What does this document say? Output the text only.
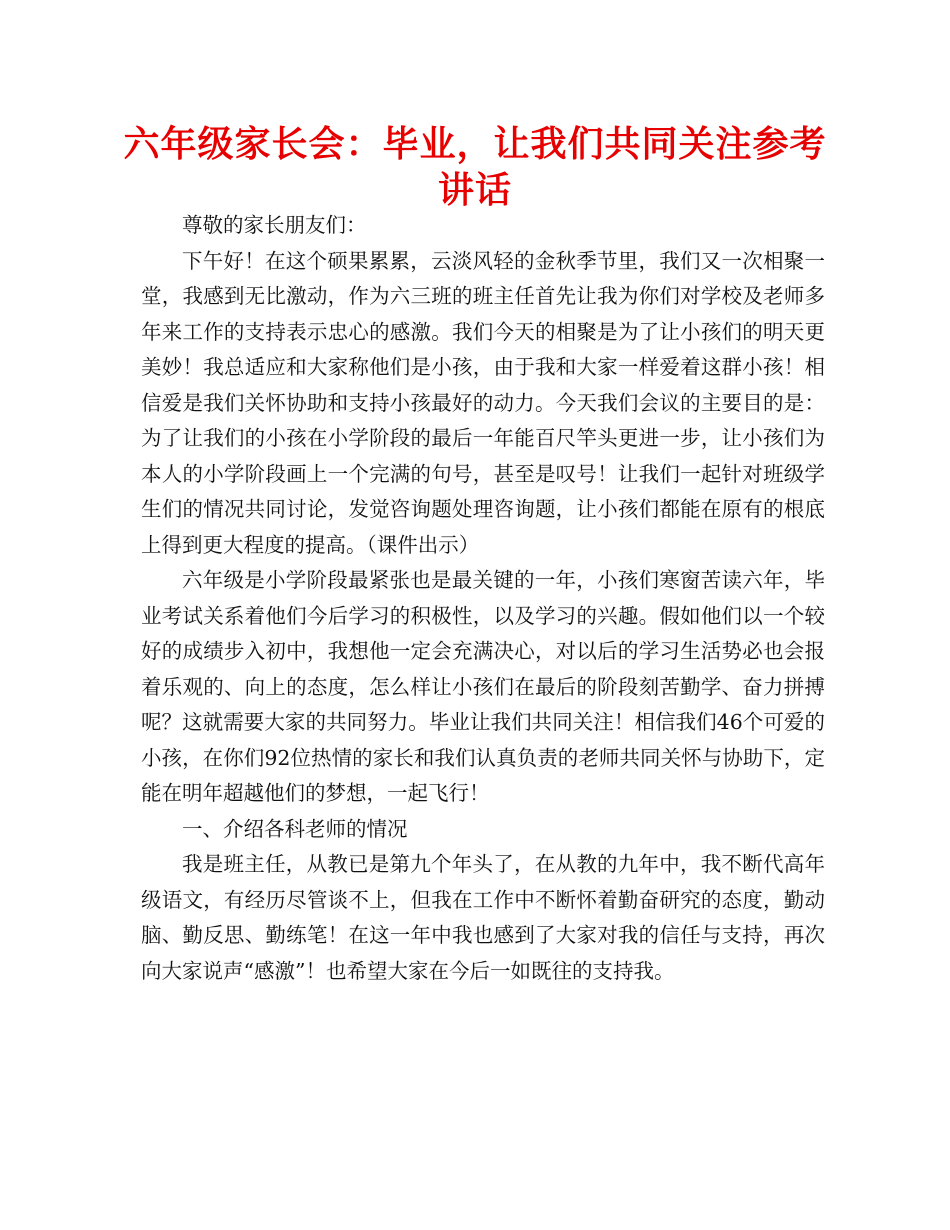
六年级家长会：毕业，让我们共同关注参考讲话

尊敬的家长朋友们：

下午好！在这个硕果累累，云淡风轻的金秋季节里，我们又一次相聚一堂，我感到无比激动，作为六三班的班主任首先让我为你们对学校及老师多年来工作的支持表示忠心的感激。我们今天的相聚是为了让小孩们的明天更美妙！我总适应和大家称他们是小孩，由于我和大家一样爱着这群小孩！相信爱是我们关怀协助和支持小孩最好的动力。今天我们会议的主要目的是：为了让我们的小孩在小学阶段的最后一年能百尺竿头更进一步，让小孩们为本人的小学阶段画上一个完满的句号，甚至是叹号！让我们一起针对班级学生们的情况共同讨论，发觉咨询题处理咨询题，让小孩们都能在原有的根底上得到更大程度的提高。（课件出示）

六年级是小学阶段最紧张也是最关键的一年，小孩们寒窗苦读六年，毕业考试关系着他们今后学习的积极性，以及学习的兴趣。假如他们以一个较好的成绩步入初中，我想他一定会充满决心，对以后的学习生活势必也会报着乐观的、向上的态度，怎么样让小孩们在最后的阶段刻苦勤学、奋力拼搏呢？这就需要大家的共同努力。毕业让我们共同关注！相信我们46个可爱的小孩，在你们92位热情的家长和我们认真负责的老师共同关怀与协助下，定能在明年超越他们的梦想，一起飞行！

一、介绍各科老师的情况

我是班主任，从教已是第九个年头了，在从教的九年中，我不断代高年级语文，有经历尽管谈不上，但我在工作中不断怀着勤奋研究的态度，勤动脑、勤反思、勤练笔！在这一年中我也感到了大家对我的信任与支持，再次向大家说声“感激”！也希望大家在今后一如既往的支持我。
